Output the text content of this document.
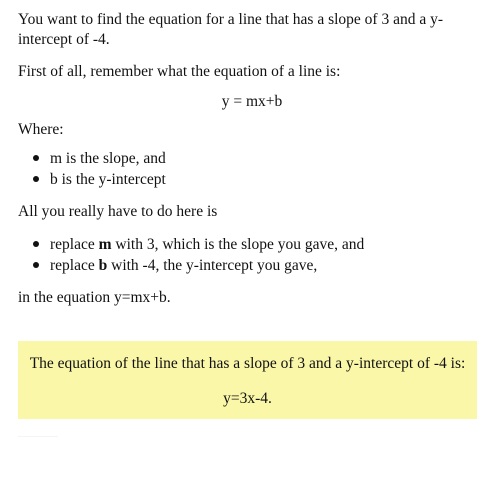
You want to find the equation for a line that has a slope of 3 and a y-intercept of -4.

First of all, remember what the equation of a line is:

y = mx+b

Where:

m is the slope, and
b is the y-intercept

All you really have to do here is

replace m with 3, which is the slope you gave, and
replace b with -4, the y-intercept you gave,

in the equation y=mx+b.

The equation of the line that has a slope of 3 and a y-intercept of -4 is:

y=3x-4.
